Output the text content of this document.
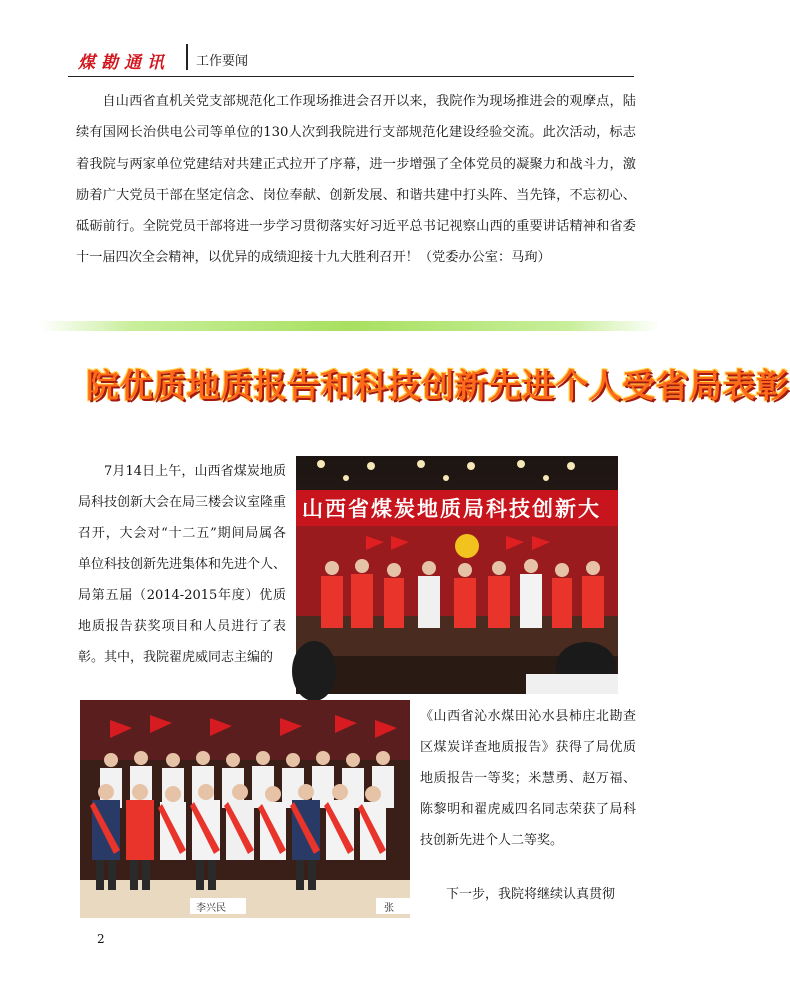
煤勘通讯 工作要闻

自山西省直机关党支部规范化工作现场推进会召开以来，我院作为现场推进会的观摩点，陆续有国网长治供电公司等单位的130人次到我院进行支部规范化建设经验交流。此次活动，标志着我院与两家单位党建结对共建正式拉开了序幕，进一步增强了全体党员的凝聚力和战斗力，激励着广大党员干部在坚定信念、岗位奉献、创新发展、和谐共建中打头阵、当先锋，不忘初心、砥砺前行。全院党员干部将进一步学习贯彻落实好习近平总书记视察山西的重要讲话精神和省委十一届四次全会精神，以优异的成绩迎接十九大胜利召开！（党委办公室：马珣）

院优质地质报告和科技创新先进个人受省局表彰

7月14日上午，山西省煤炭地质局科技创新大会在局三楼会议室隆重召开，大会对“十二五”期间局属各单位科技创新先进集体和先进个人、局第五届（2014-2015年度）优质地质报告获奖项目和人员进行了表彰。其中，我院翟虎威同志主编的

山西省煤炭地质局科技创新大
李兴民	张

《山西省沁水煤田沁水县柿庄北勘查区煤炭详查地质报告》获得了局优质地质报告一等奖；米慧勇、赵万福、陈黎明和翟虎威四名同志荣获了局科技创新先进个人二等奖。

下一步，我院将继续认真贯彻

2
